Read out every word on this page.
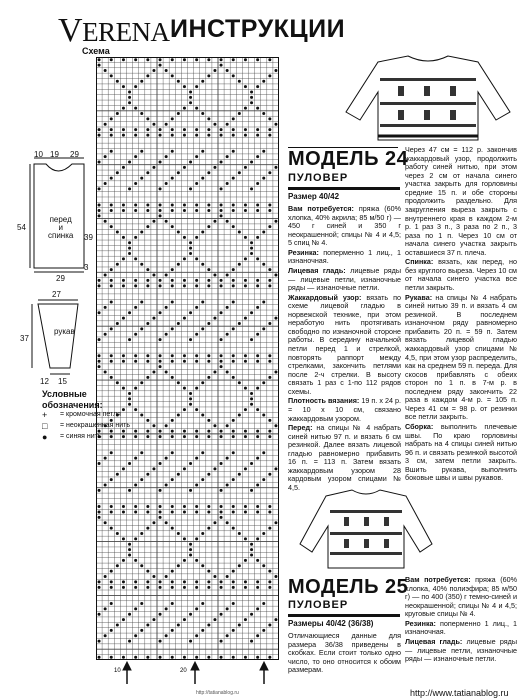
VERENA ИНСТРУКЦИИ
Схема
10	20
http://tatianablog.ru
10 19 29
перед
и
спинка
54
39
3
29
27
рукав
37
12 15
Условные
обозначения:
+	= кромочная петля
□	= неокрашенная нить
●	= синяя нить
МОДЕЛЬ 24
ПУЛОВЕР
Размер 40/42

Вам потребуется: пряжа (60% хлопка, 40% акрила; 85 м/50 г) — 450 г синей и 350 г неокрашенной; спицы № 4 и 4,5; 5 спиц № 4.

Резинка: поперменно 1 лиц., 1 изнаночная.

Лицевая гладь: лицевые ряды — лицевые петли, изнаночные ряды — изнаночные петли.

Жаккардовый узор: вязать по схеме лицевой гладью в норвежской технике, при этом неработую нить протягивать свободно по изнаночной стороне работы. В середину начальной петли перед 1 и стрелкой, повторять раппорт между стрелками, закончить петлями после 2-ч стрелки. В высоту связать 1 раз с 1-по 112 рядов схемы.

Плотность вязания: 19 п. х 24 р. = 10 х 10 см, связано жаккардовым узором.

Перед: на спицы № 4 набрать синей нитью 97 п. и вязать 6 см резинкой. Далее вязать лицевой гладью равномерно прибавить 16 п. = 113 п. Затем вязать жаккардовым узором 28 кардовым узором спицами № 4,5.

Через 47 см = 112 р. закончив жаккардовый узор, продолжить работу синей нитью, при этом через 2 см от начала синего участка закрыть для горловины средние 15 п. и обе стороны продолжить раздельно. Для закругления выреза закрыть с внутреннего края в каждом 2-м р. 1 раз 3 п., 3 раза по 2 п., 3 раза по 1 п. Через 10 см от начала синего участка закрыть оставшиеся 37 п. плеча.

Спинка: вязать, как перед, но без круглого выреза. Через 10 см от начала синего участка все петли закрыть.

Рукава: на спицы № 4 набрать синей нитью 39 п. и вязать 4 см резинкой. В последнем изнаночном ряду равномерно прибавить 20 п. = 59 п. Затем вязать лицевой гладью жаккардовый узор спицами № 4,5, при этом узор распределить, как на среднем 59 п. переда. Для скосов прибавлять с обеих сторон по 1 п. в 7-м р. в последнем ряду закончить 22 раза в каждом 4-м р. = 105 п. Через 41 см = 98 р. от резинки все петли закрыть.

Сборка: выполнить плечевые швы. По краю горловины набрать на 4 спицы синей нитью 96 п. и связать резинкой высотой 3 см, затем петли закрыть. Вшить рукава, выполнить боковые швы и швы рукавов.

МОДЕЛЬ 25
ПУЛОВЕР
Размеры 40/42 (36/38)

Отличающиеся данные для размера 36/38 приведены в скобках. Если стоит только одно число, то оно относится к обоим размерам.

Вам потребуется: пряжа (60% хлопка, 40% полиэфира; 85 м/50 г) — по 400 (350) г темно-синей и неокрашенной; спицы № 4 и 4,5; круговые спицы № 4.

Резинка: поперменно 1 лиц., 1 изнаночная.

Лицевая гладь: лицевые ряды — лицевые петли, изнаночные ряды — изнаночные петли.

http://www.tatianablog.ru
